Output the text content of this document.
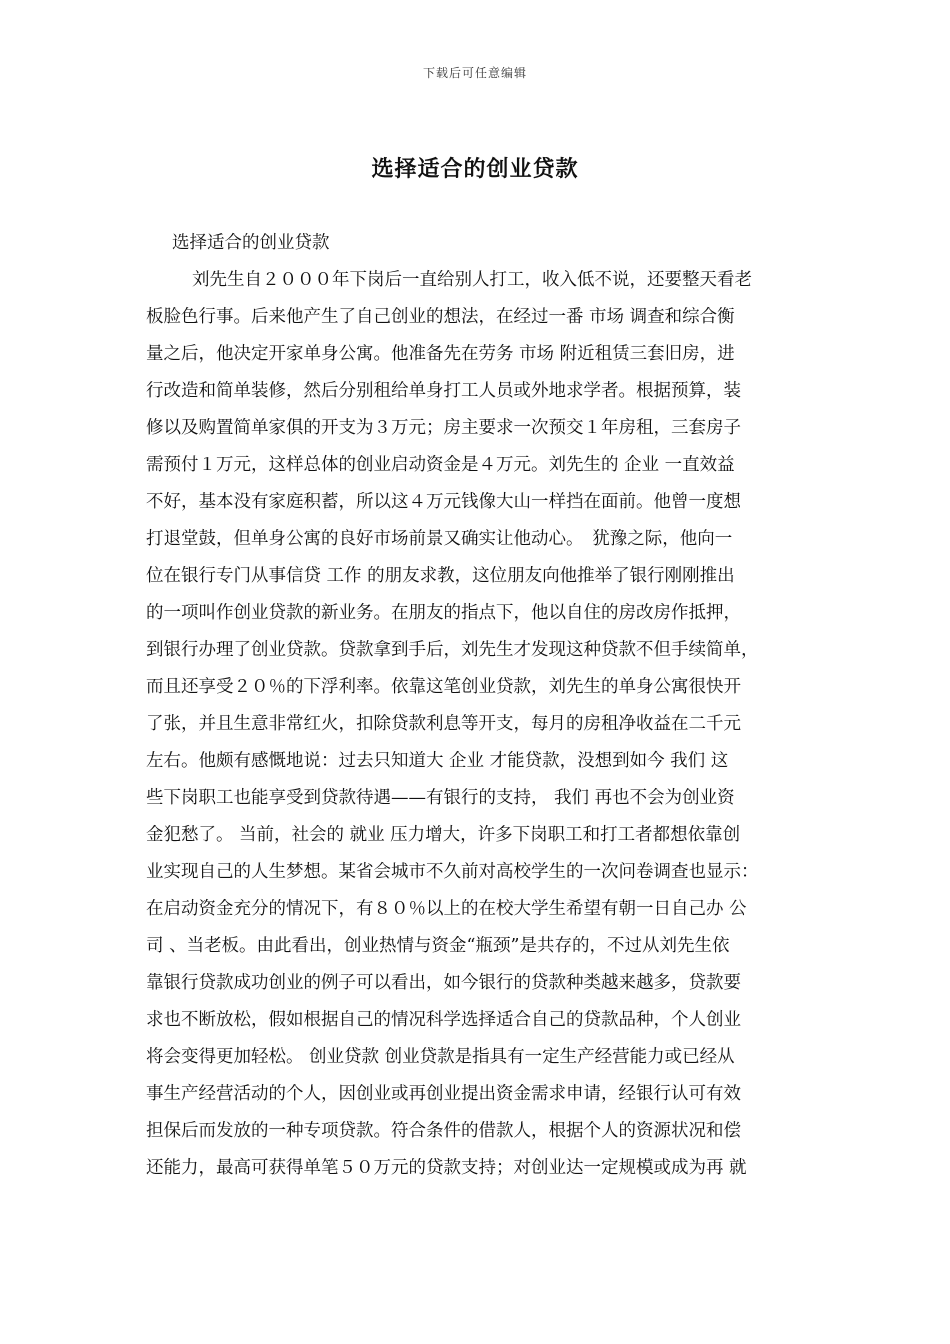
下载后可任意编辑
选择适合的创业贷款
选择适合的创业贷款
刘先生自２０００年下岗后一直给别人打工，收入低不说，还要整天看老
板脸色行事。后来他产生了自己创业的想法，在经过一番 市场 调查和综合衡
量之后，他决定开家单身公寓。他准备先在劳务 市场 附近租赁三套旧房，进
行改造和简单装修，然后分别租给单身打工人员或外地求学者。根据预算，装
修以及购置简单家俱的开支为３万元；房主要求一次预交１年房租，三套房子
需预付１万元，这样总体的创业启动资金是４万元。刘先生的 企业 一直效益
不好，基本没有家庭积蓄，所以这４万元钱像大山一样挡在面前。他曾一度想
打退堂鼓，但单身公寓的良好市场前景又确实让他动心。　犹豫之际，他向一
位在银行专门从事信贷 工作 的朋友求教，这位朋友向他推举了银行刚刚推出
的一项叫作创业贷款的新业务。在朋友的指点下，他以自住的房改房作抵押，
到银行办理了创业贷款。贷款拿到手后，刘先生才发现这种贷款不但手续简单，
而且还享受２０％的下浮利率。依靠这笔创业贷款，刘先生的单身公寓很快开
了张，并且生意非常红火，扣除贷款利息等开支，每月的房租净收益在二千元
左右。他颇有感慨地说：过去只知道大 企业 才能贷款，没想到如今 我们 这
些下岗职工也能享受到贷款待遇——有银行的支持， 我们 再也不会为创业资
金犯愁了。 当前，社会的 就业 压力增大，许多下岗职工和打工者都想依靠创
业实现自己的人生梦想。某省会城市不久前对高校学生的一次问卷调查也显示：
在启动资金充分的情况下，有８０％以上的在校大学生希望有朝一日自己办 公
司 、当老板。由此看出，创业热情与资金“瓶颈”是共存的，不过从刘先生依
靠银行贷款成功创业的例子可以看出，如今银行的贷款种类越来越多，贷款要
求也不断放松，假如根据自己的情况科学选择适合自己的贷款品种，个人创业
将会变得更加轻松。 创业贷款 创业贷款是指具有一定生产经营能力或已经从
事生产经营活动的个人，因创业或再创业提出资金需求申请，经银行认可有效
担保后而发放的一种专项贷款。符合条件的借款人，根据个人的资源状况和偿
还能力，最高可获得单笔５０万元的贷款支持；对创业达一定规模或成为再 就
